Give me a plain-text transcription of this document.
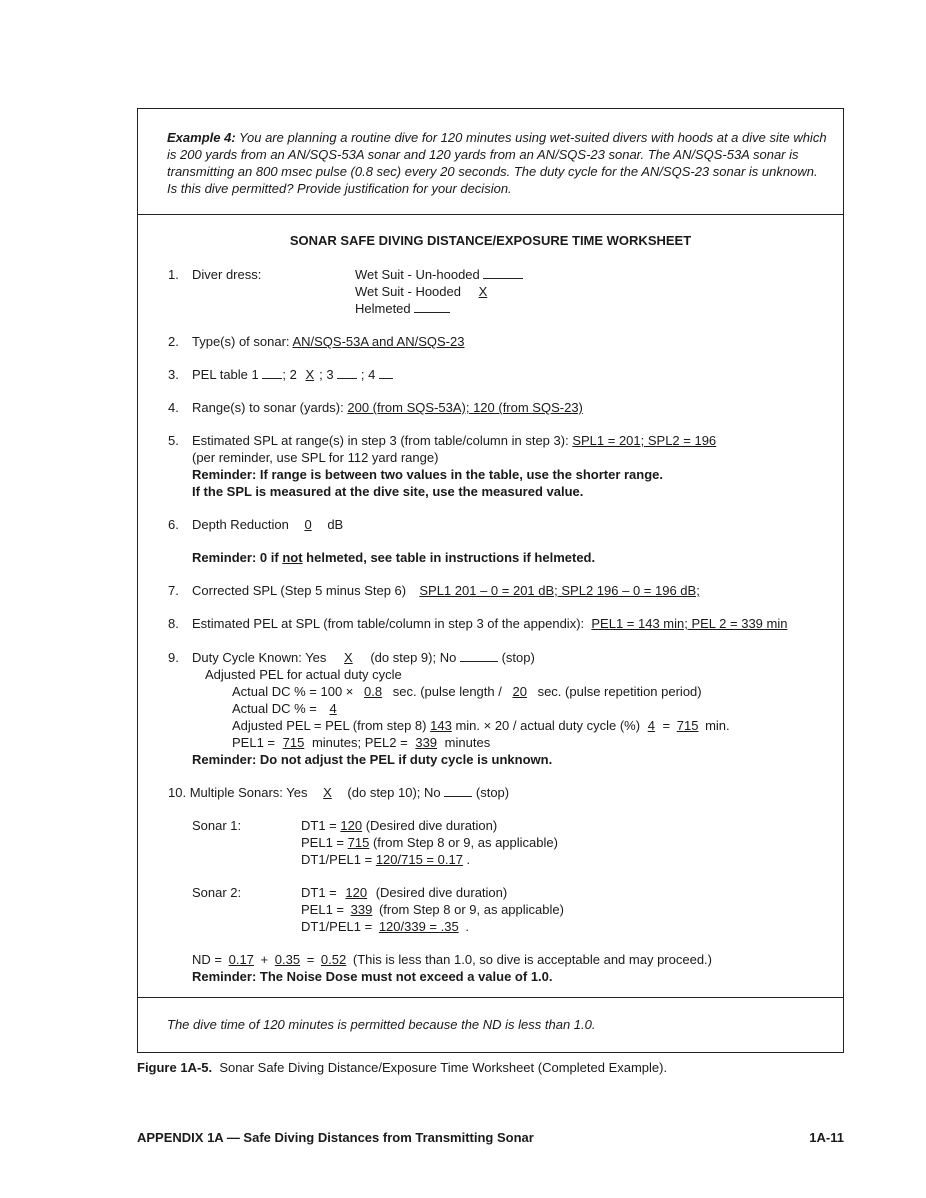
Example 4: You are planning a routine dive for 120 minutes using wet-suited divers with hoods at a dive site which is 200 yards from an AN/SQS-53A sonar and 120 yards from an AN/SQS-23 sonar. The AN/SQS-53A sonar is transmitting an 800 msec pulse (0.8 sec) every 20 seconds. The duty cycle for the AN/SQS-23 sonar is unknown. Is this dive permitted? Provide justification for your decision.
SONAR SAFE DIVING DISTANCE/EXPOSURE TIME WORKSHEET
1. Diver dress:	Wet Suit - Un-hooded
Wet Suit - Hooded X
Helmeted
2. Type(s) of sonar: AN/SQS-53A and AN/SQS-23
3. PEL table 1 ; 2 X ; 3 ; 4
4. Range(s) to sonar (yards): 200 (from SQS-53A); 120 (from SQS-23)
5. Estimated SPL at range(s) in step 3 (from table/column in step 3): SPL1 = 201; SPL2 = 196
(per reminder, use SPL for 112 yard range)
Reminder: If range is between two values in the table, use the shorter range.
If the SPL is measured at the dive site, use the measured value.
6. Depth Reduction 0 dB
Reminder: 0 if not helmeted, see table in instructions if helmeted.
7. Corrected SPL (Step 5 minus Step 6) SPL1 201 – 0 = 201 dB; SPL2 196 – 0 = 196 dB;
8. Estimated PEL at SPL (from table/column in step 3 of the appendix): PEL1 = 143 min; PEL 2 = 339 min
9. Duty Cycle Known: Yes X (do step 9); No	(stop)
Adjusted PEL for actual duty cycle
Actual DC % = 100 × 0.8 sec. (pulse length / 20 sec. (pulse repetition period)
Actual DC % = 4
Adjusted PEL = PEL (from step 8) 143 min. × 20 / actual duty cycle (%) 4 = 715 min.
PEL1 = 715 minutes; PEL2 = 339 minutes
Reminder: Do not adjust the PEL if duty cycle is unknown.
10. Multiple Sonars: Yes X (do step 10); No	(stop)
Sonar 1:	DT1 = 120 (Desired dive duration)
PEL1 = 715 (from Step 8 or 9, as applicable)
DT1/PEL1 = 120/715 = 0.17 .
Sonar 2:	DT1 = 120 (Desired dive duration)
PEL1 = 339 (from Step 8 or 9, as applicable)
DT1/PEL1 = 120/339 = .35 .
ND = 0.17 + 0.35 = 0.52 (This is less than 1.0, so dive is acceptable and may proceed.)
Reminder: The Noise Dose must not exceed a value of 1.0.
The dive time of 120 minutes is permitted because the ND is less than 1.0.
Figure 1A-5. Sonar Safe Diving Distance/Exposure Time Worksheet (Completed Example).
APPENDIX 1A — Safe Diving Distances from Transmitting Sonar	1A-11
